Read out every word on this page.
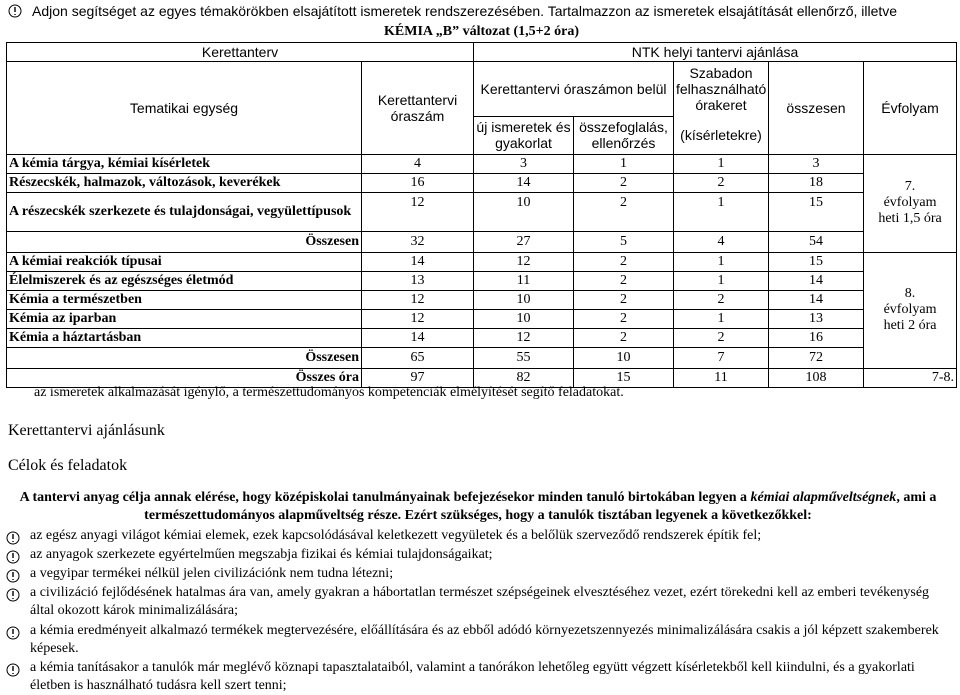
Adjon segítséget az egyes témakörökben elsajátított ismeretek rendszerezésében. Tartalmazzon az ismeretek elsajátítását ellenőrző, illetve
KÉMIA „B” változat (1,5+2 óra)						
Kerettanterv		NTK helyi tantervi ajánlása				
Tematikai egység	Kerettantervi óraszám	Kerettantervi óraszámon belül		Szabadon felhasználható órakeret	összesen	Évfolyam
		új ismeretek és gyakorlat	összefoglalás, ellenőrzés	(kísérletekre)		
A kémia tárgya, kémiai kísérletek	4	3	1	1	3	7.
évfolyam
heti 1,5 óra

Részecskék, halmazok, változások, keverékek	16	14	2	2	18	
A részecskék szerkezete és tulajdonságai, vegyülettípusok	12	10	2	1	15	
Összesen	32	27	5	4	54	
A kémiai reakciók típusai	14	12	2	1	15	8.
évfolyam
heti 2 óra

Élelmiszerek és az egészséges életmód	13	11	2	1	14	
Kémia a természetben	12	10	2	2	14	
Kémia az iparban	12	10	2	1	13	
Kémia a háztartásban	14	12	2	2	16	
Összesen	65	55	10	7	72	
Összes óra	97	82	15	11	108	7-8.
az ismeretek alkalmazását igénylő, a természettudományos kompetenciák elmélyítését segítő feladatokat.
Kerettantervi ajánlásunk
Célok és feladatok
A tantervi anyag célja annak elérése, hogy középiskolai tanulmányainak befejezésekor minden tanuló birtokában legyen a kémiai alapműveltségnek, ami a természettudományos alapműveltség része. Ezért szükséges, hogy a tanulók tisztában legyenek a következőkkel:
az egész anyagi világot kémiai elemek, ezek kapcsolódásával keletkezett vegyületek és a belőlük szerveződő rendszerek építik fel;
az anyagok szerkezete egyértelműen megszabja fizikai és kémiai tulajdonságaikat;
a vegyipar termékei nélkül jelen civilizációnk nem tudna létezni;
a civilizáció fejlődésének hatalmas ára van, amely gyakran a hábortatlan természet szépségeinek elvesztéséhez vezet, ezért törekedni kell az emberi tevékenység által okozott károk minimalizálására;
a kémia eredményeit alkalmazó termékek megtervezésére, előállítására és az ebből adódó környezetszennyezés minimalizálására csakis a jól képzett szakemberek képesek.
a kémia tanításakor a tanulók már meglévő köznapi tapasztalataiból, valamint a tanórákon lehetőleg együtt végzett kísérletekből kell kiindulni, és a gyakorlati életben is használható tudásra kell szert tenni;
